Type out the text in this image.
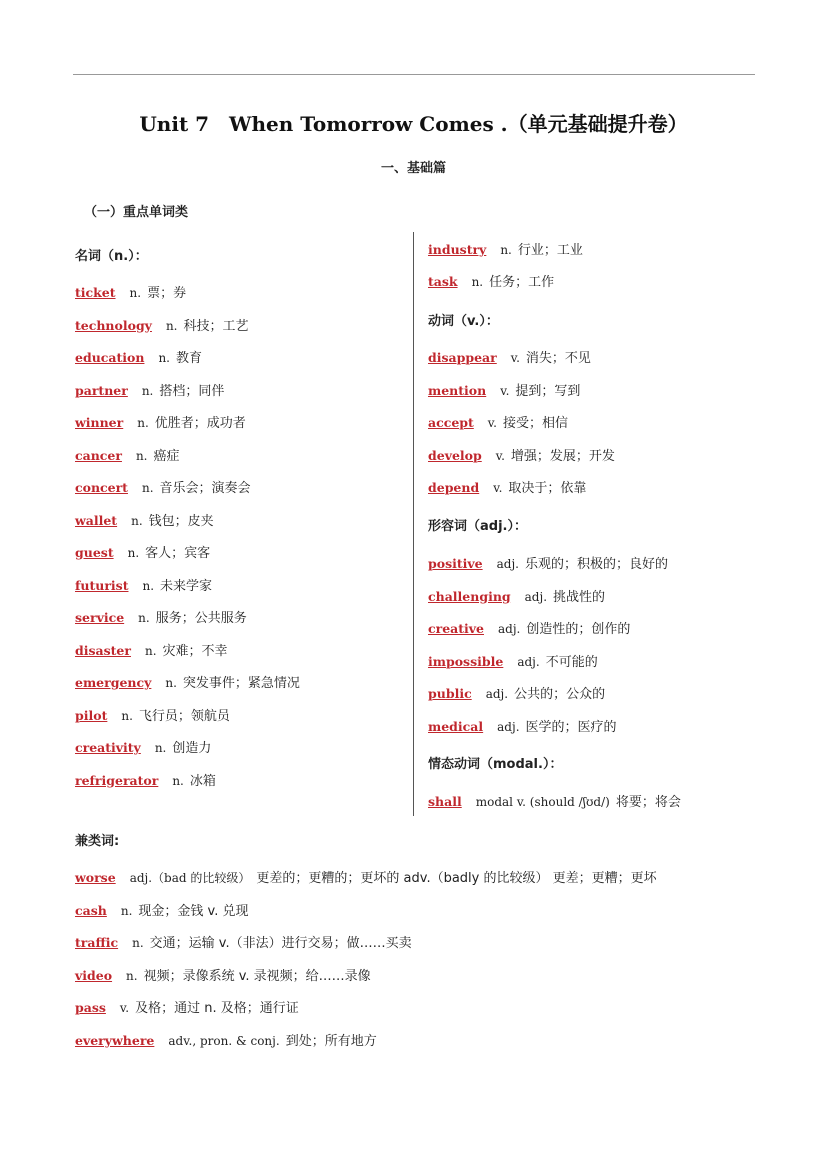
Unit 7　When Tomorrow Comes .（单元基础提升卷）
一、基础篇
（一）重点单词类
名词（n.）：
ticket n. 票；券
technology n. 科技；工艺
education n. 教育
partner n. 搭档；同伴
winner n. 优胜者；成功者
cancer n. 癌症
concert n. 音乐会；演奏会
wallet n. 钱包；皮夹
guest n. 客人；宾客
futurist n. 未来学家
service n. 服务；公共服务
disaster n. 灾难；不幸
emergency n. 突发事件；紧急情况
pilot n. 飞行员；领航员
creativity n. 创造力
refrigerator n. 冰箱
industry n. 行业；工业
task n. 任务；工作
动词（v.）：
disappear v. 消失；不见
mention v. 提到；写到
accept v. 接受；相信
develop v. 增强；发展；开发
depend v. 取决于；依靠
形容词（adj.）：
positive adj. 乐观的；积极的；良好的
challenging adj. 挑战性的
creative adj. 创造性的；创作的
impossible adj. 不可能的
public adj. 公共的；公众的
medical adj. 医学的；医疗的
情态动词（modal.）：
shall modal v. (should /ʃʊd/) 将要；将会
兼类词:
worse adj.（bad 的比较级） 更差的；更糟的；更坏的 adv.（badly 的比较级） 更差；更糟；更坏
cash n. 现金；金钱 v. 兑现
traffic n. 交通；运输 v.（非法）进行交易；做……买卖
video n. 视频；录像系统 v. 录视频；给……录像
pass v. 及格；通过 n. 及格；通行证
everywhere adv., pron. & conj. 到处；所有地方
